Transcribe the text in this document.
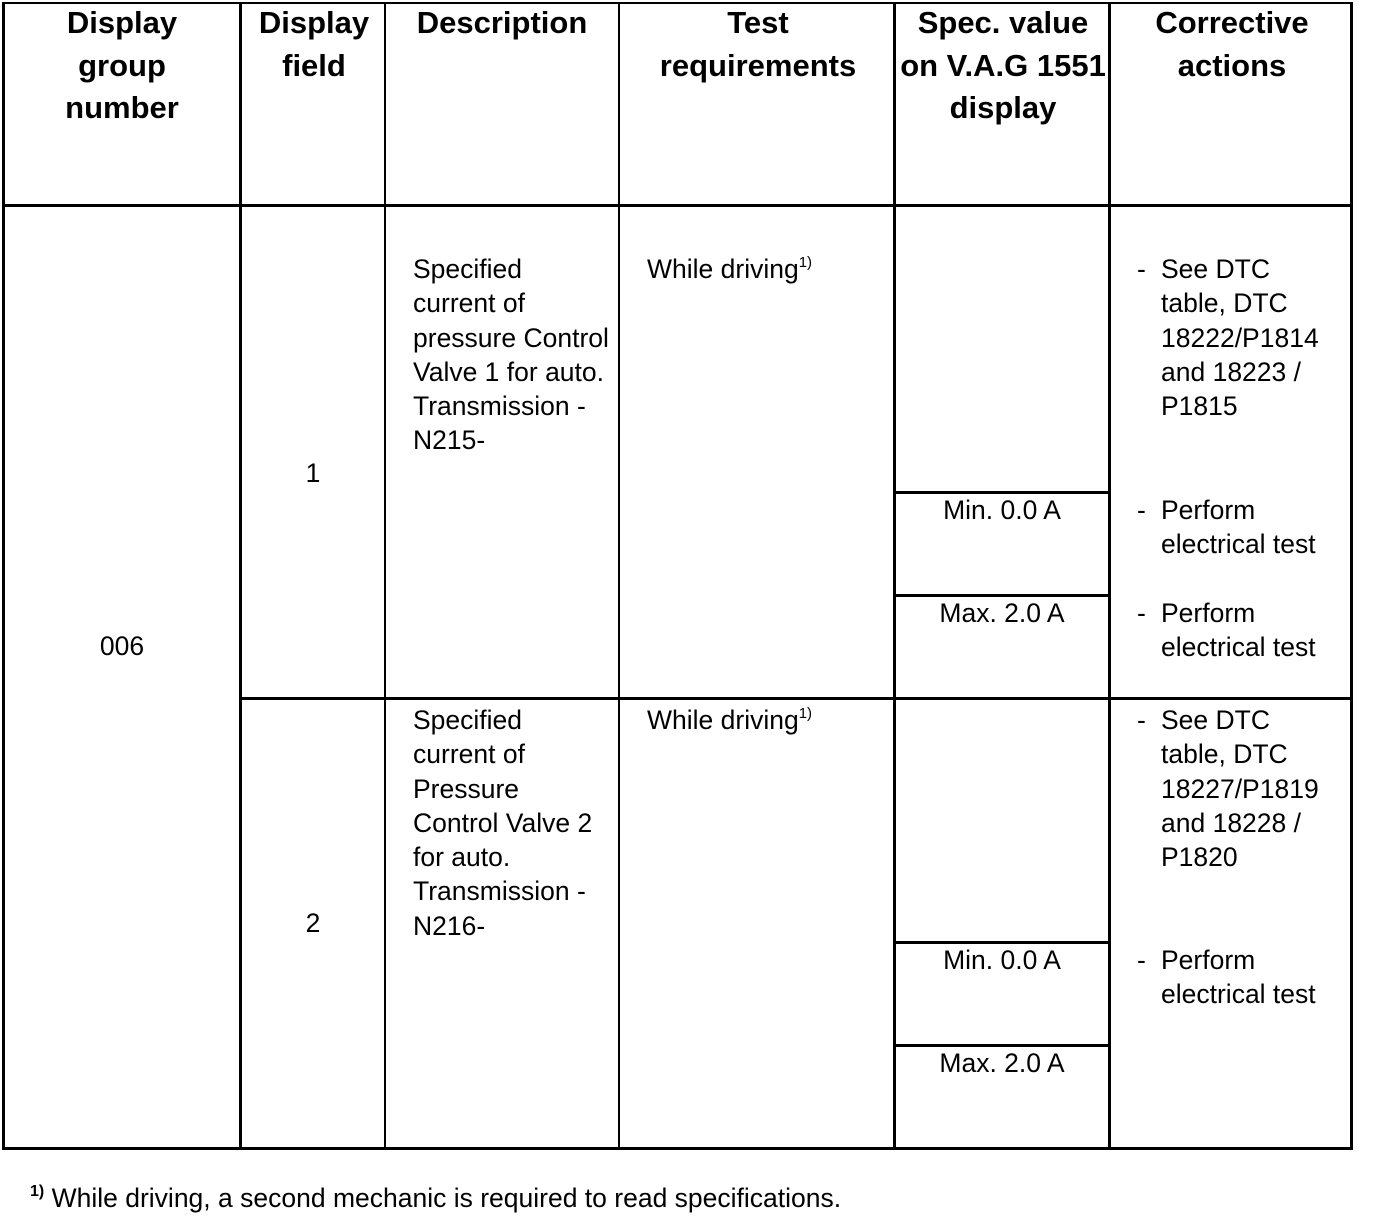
Display group number
Display field
Description	Test requirements
Spec. value on V.A.G 1551 display
Corrective actions
006
1
Specified current of pressure Control Valve 1 for auto. Transmission -N215-
While driving$^{1)}$
Min. 0.0 A
Max. 2.0 A
- See DTC table, DTC 18222/P1814 and 18223 / P1815
- Perform electrical test
- Perform electrical test
2
Specified current of Pressure Control Valve 2 for auto. Transmission -N216-
While driving$^{1)}$
Min. 0.0 A
Max. 2.0 A
- See DTC table, DTC 18227/P1819 and 18228 / P1820
- Perform electrical test
$^{1)}$ While driving, a second mechanic is required to read specifications.
